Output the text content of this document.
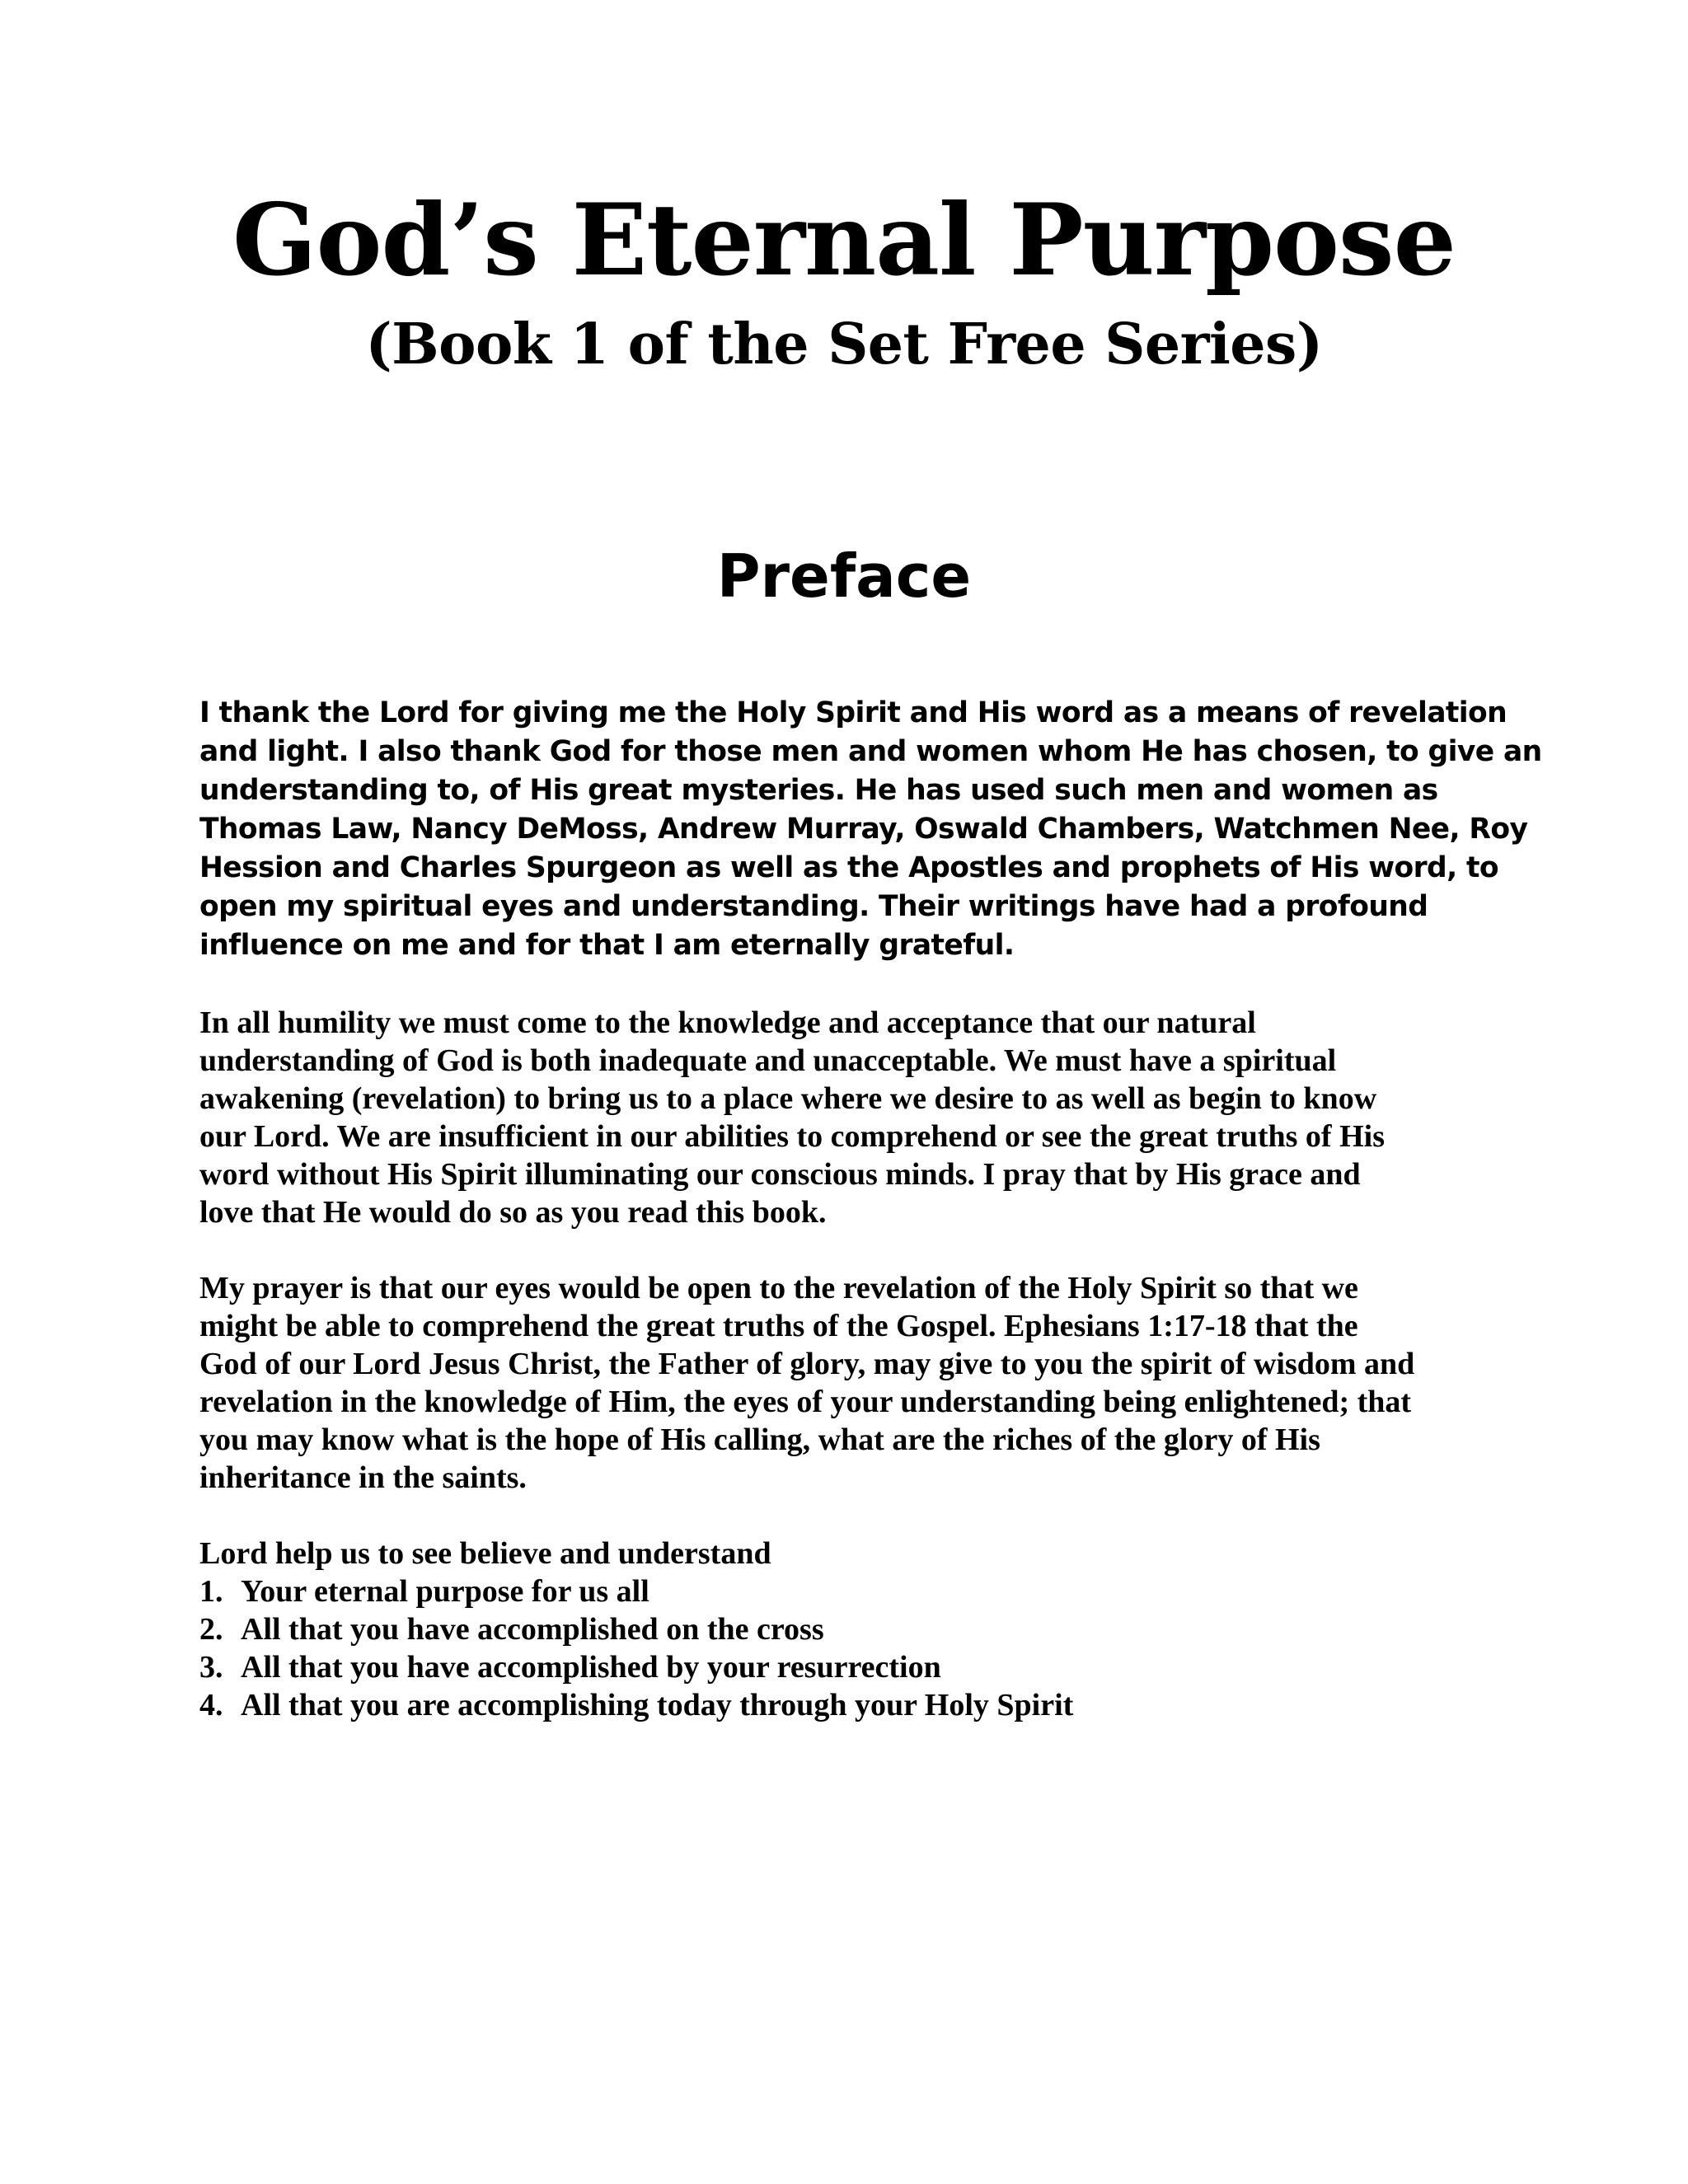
God’s Eternal Purpose
(Book 1 of the Set Free Series)
Preface
I thank the Lord for giving me the Holy Spirit and His word as a means of revelation
and light. I also thank God for those men and women whom He has chosen, to give an
understanding to, of His great mysteries. He has used such men and women as
Thomas Law, Nancy DeMoss, Andrew Murray, Oswald Chambers, Watchmen Nee, Roy
Hession and Charles Spurgeon as well as the Apostles and prophets of His word, to
open my spiritual eyes and understanding. Their writings have had a profound
influence on me and for that I am eternally grateful.
In all humility we must come to the knowledge and acceptance that our natural
understanding of God is both inadequate and unacceptable. We must have a spiritual
awakening (revelation) to bring us to a place where we desire to as well as begin to know
our Lord. We are insufficient in our abilities to comprehend or see the great truths of His
word without His Spirit illuminating our conscious minds. I pray that by His grace and
love that He would do so as you read this book.
My prayer is that our eyes would be open to the revelation of the Holy Spirit so that we
might be able to comprehend the great truths of the Gospel. Ephesians 1:17-18 that the
God of our Lord Jesus Christ, the Father of glory, may give to you the spirit of wisdom and
revelation in the knowledge of Him, the eyes of your understanding being enlightened; that
you may know what is the hope of His calling, what are the riches of the glory of His
inheritance in the saints.
Lord help us to see believe and understand
1. Your eternal purpose for us all
2. All that you have accomplished on the cross
3. All that you have accomplished by your resurrection
4. All that you are accomplishing today through your Holy Spirit
